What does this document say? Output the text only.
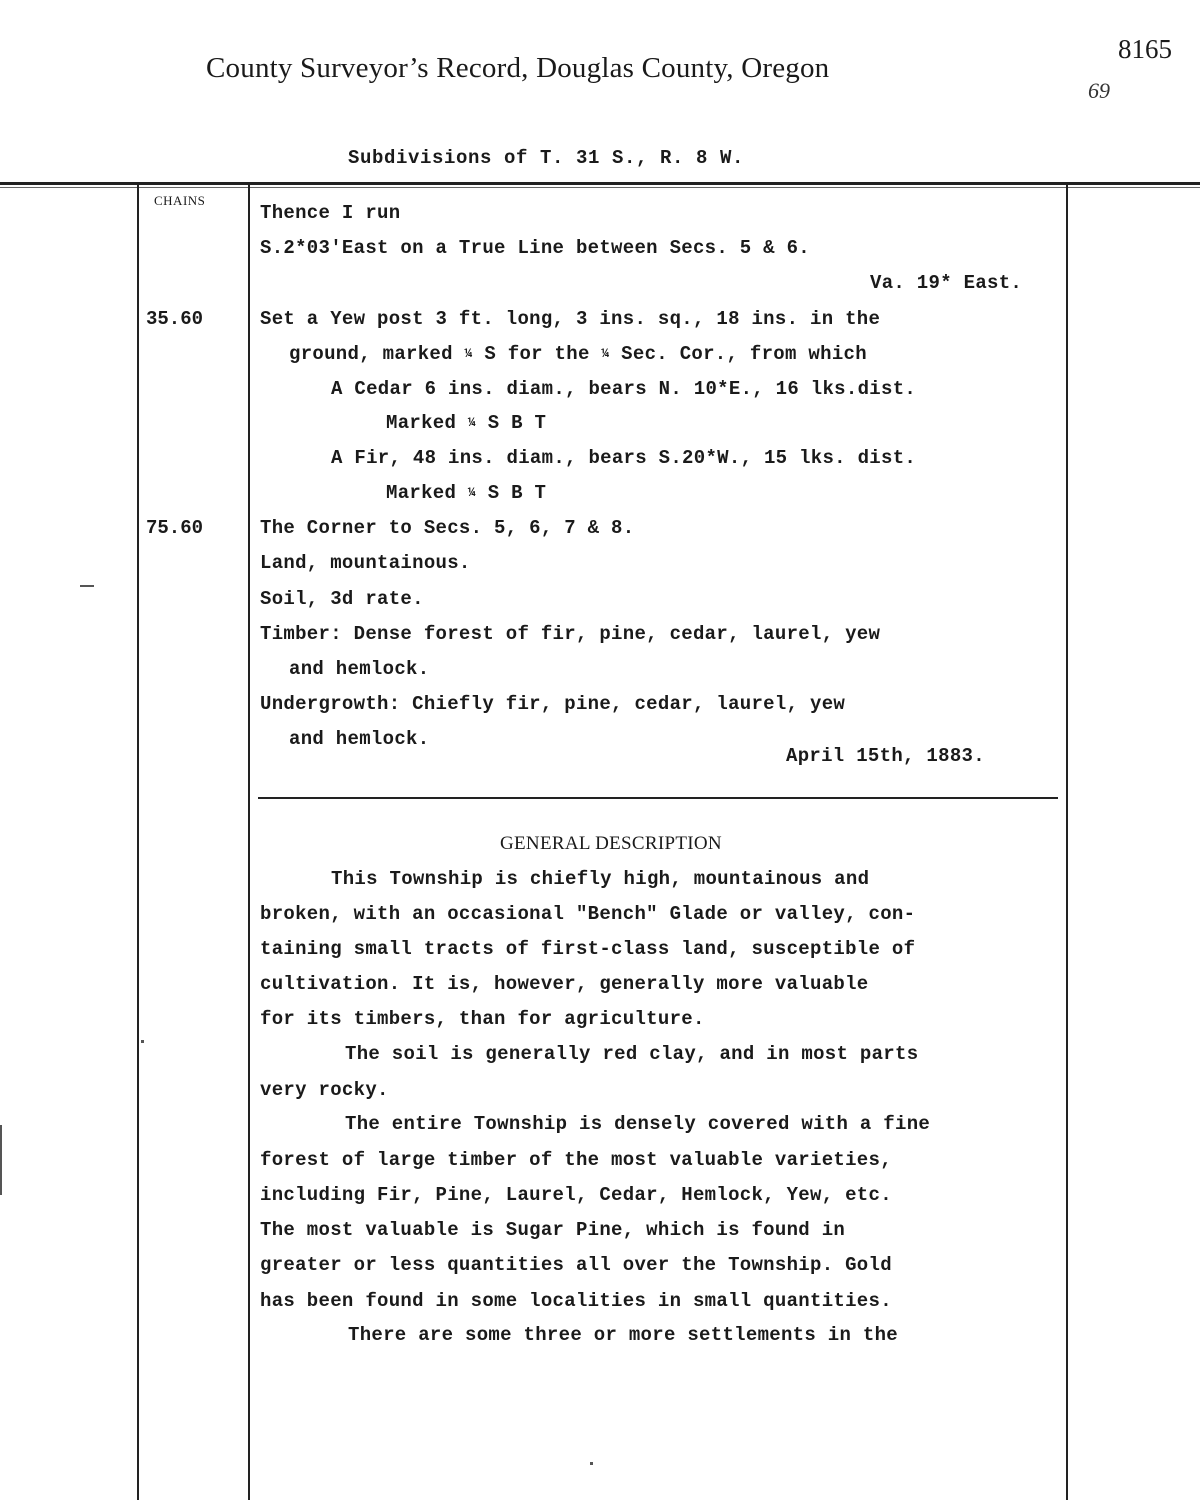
County Surveyor’s Record, Douglas County, Oregon
8165
69
Subdivisions of T. 31 S., R. 8 W.
CHAINS
35.60
75.60
Thence I run
S.2*03'East on a True Line between Secs. 5 & 6.
Va. 19* East.
Set a Yew post 3 ft. long, 3 ins. sq., 18 ins. in the
ground, marked ¼ S for the ¼ Sec. Cor., from which
A Cedar 6 ins. diam., bears N. 10*E., 16 lks.dist.
Marked ¼ S B T
A Fir, 48 ins. diam., bears S.20*W., 15 lks. dist.
Marked ¼ S B T
The Corner to Secs. 5, 6, 7 & 8.
Land, mountainous.
Soil, 3d rate.
Timber: Dense forest of fir, pine, cedar, laurel, yew
and hemlock.
Undergrowth: Chiefly fir, pine, cedar, laurel, yew
and hemlock.
April 15th, 1883.
GENERAL DESCRIPTION
This Township is chiefly high, mountainous and
broken, with an occasional "Bench" Glade or valley, con-
taining small tracts of first-class land, susceptible of
cultivation. It is, however, generally more valuable
for its timbers, than for agriculture.
The soil is generally red clay, and in most parts
very rocky.
The entire Township is densely covered with a fine
forest of large timber of the most valuable varieties,
including Fir, Pine, Laurel, Cedar, Hemlock, Yew, etc.
The most valuable is Sugar Pine, which is found in
greater or less quantities all over the Township. Gold
has been found in some localities in small quantities.
There are some three or more settlements in the
